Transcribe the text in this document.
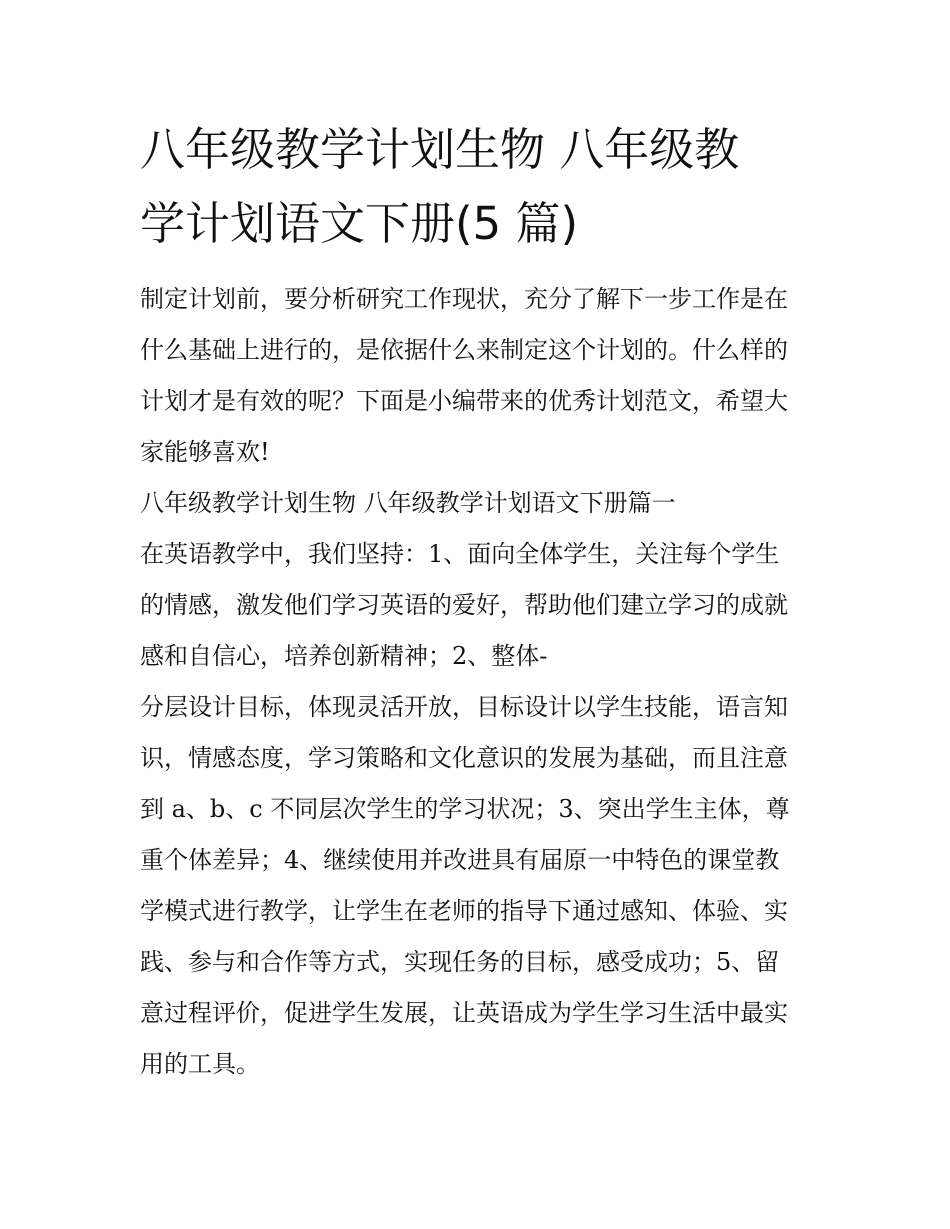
八年级教学计划生物 八年级教
学计划语文下册(5 篇)

制定计划前，要分析研究工作现状，充分了解下一步工作是在
什么基础上进行的，是依据什么来制定这个计划的。什么样的
计划才是有效的呢？下面是小编带来的优秀计划范文，希望大
家能够喜欢!

八年级教学计划生物 八年级教学计划语文下册篇一

在英语教学中，我们坚持：1、面向全体学生，关注每个学生
的情感，激发他们学习英语的爱好，帮助他们建立学习的成就
感和自信心，培养创新精神；2、整体-
分层设计目标，体现灵活开放，目标设计以学生技能，语言知
识，情感态度，学习策略和文化意识的发展为基础，而且注意
到 a、b、c 不同层次学生的学习状况；3、突出学生主体，尊
重个体差异；4、继续使用并改进具有届原一中特色的课堂教
学模式进行教学，让学生在老师的指导下通过感知、体验、实
践、参与和合作等方式，实现任务的目标，感受成功；5、留
意过程评价，促进学生发展，让英语成为学生学习生活中最实
用的工具。
